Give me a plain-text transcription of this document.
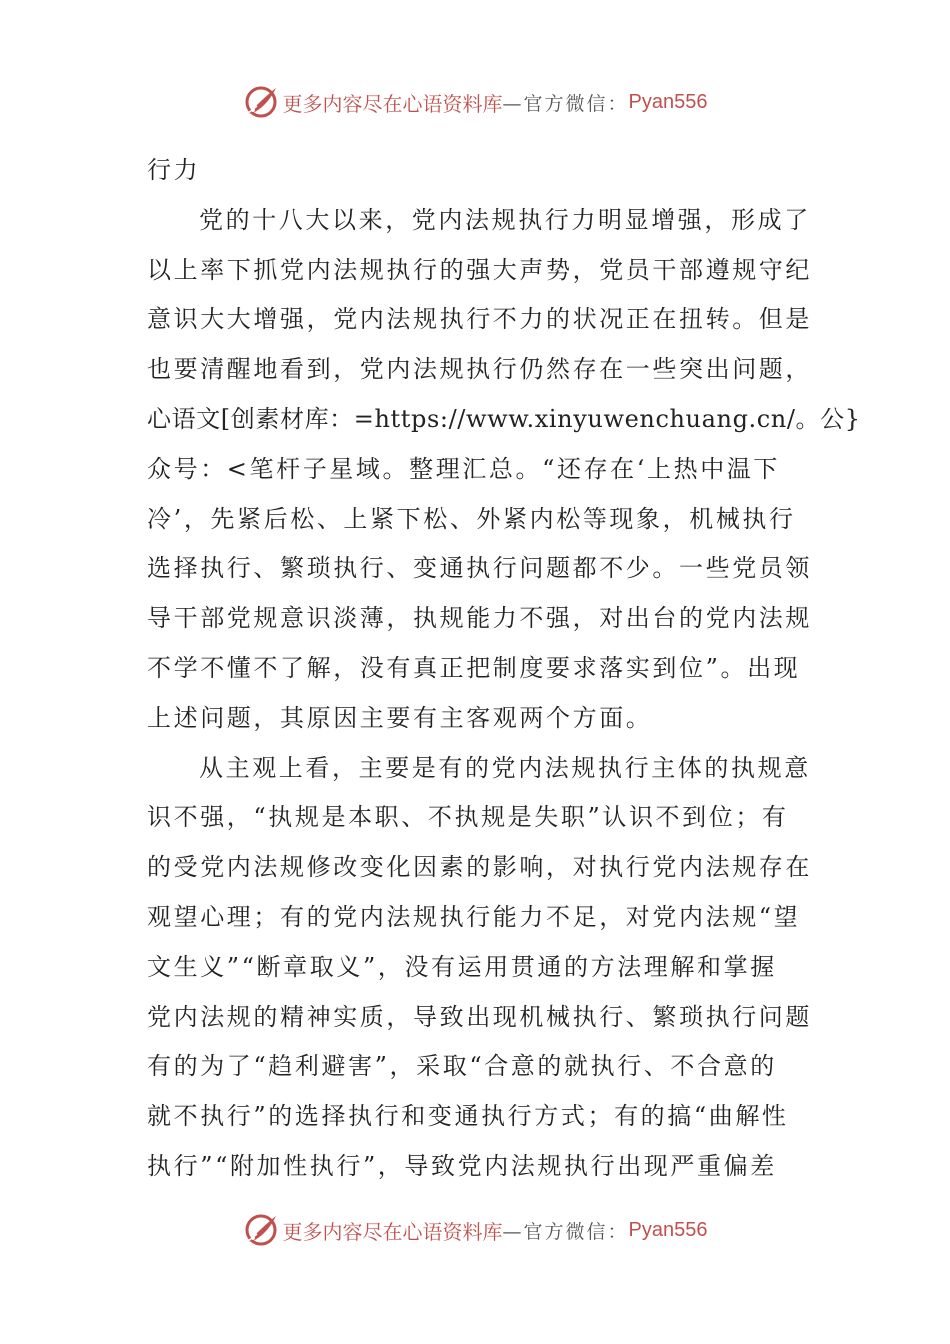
更多内容尽在心语资料库 —官方微信： Pyan556
行力
党的十八大以来，党内法规执行力明显增强，形成了
以上率下抓党内法规执行的强大声势，党员干部遵规守纪
意识大大增强，党内法规执行不力的状况正在扭转。但是
也要清醒地看到，党内法规执行仍然存在一些突出问题，
心语文[创素材库：=https://www.xinyuwenchuang.cn/。公}
众号：<笔杆子星域。整理汇总。“还存在‘上热中温下
冷’，先紧后松、上紧下松、外紧内松等现象，机械执行
选择执行、繁琐执行、变通执行问题都不少。一些党员领
导干部党规意识淡薄，执规能力不强，对出台的党内法规
不学不懂不了解，没有真正把制度要求落实到位”。出现
上述问题，其原因主要有主客观两个方面。
从主观上看，主要是有的党内法规执行主体的执规意
识不强，“执规是本职、不执规是失职”认识不到位；有
的受党内法规修改变化因素的影响，对执行党内法规存在
观望心理；有的党内法规执行能力不足，对党内法规“望
文生义”“断章取义”，没有运用贯通的方法理解和掌握
党内法规的精神实质，导致出现机械执行、繁琐执行问题
有的为了“趋利避害”，采取“合意的就执行、不合意的
就不执行”的选择执行和变通执行方式；有的搞“曲解性
执行”“附加性执行”，导致党内法规执行出现严重偏差
更多内容尽在心语资料库 —官方微信： Pyan556
